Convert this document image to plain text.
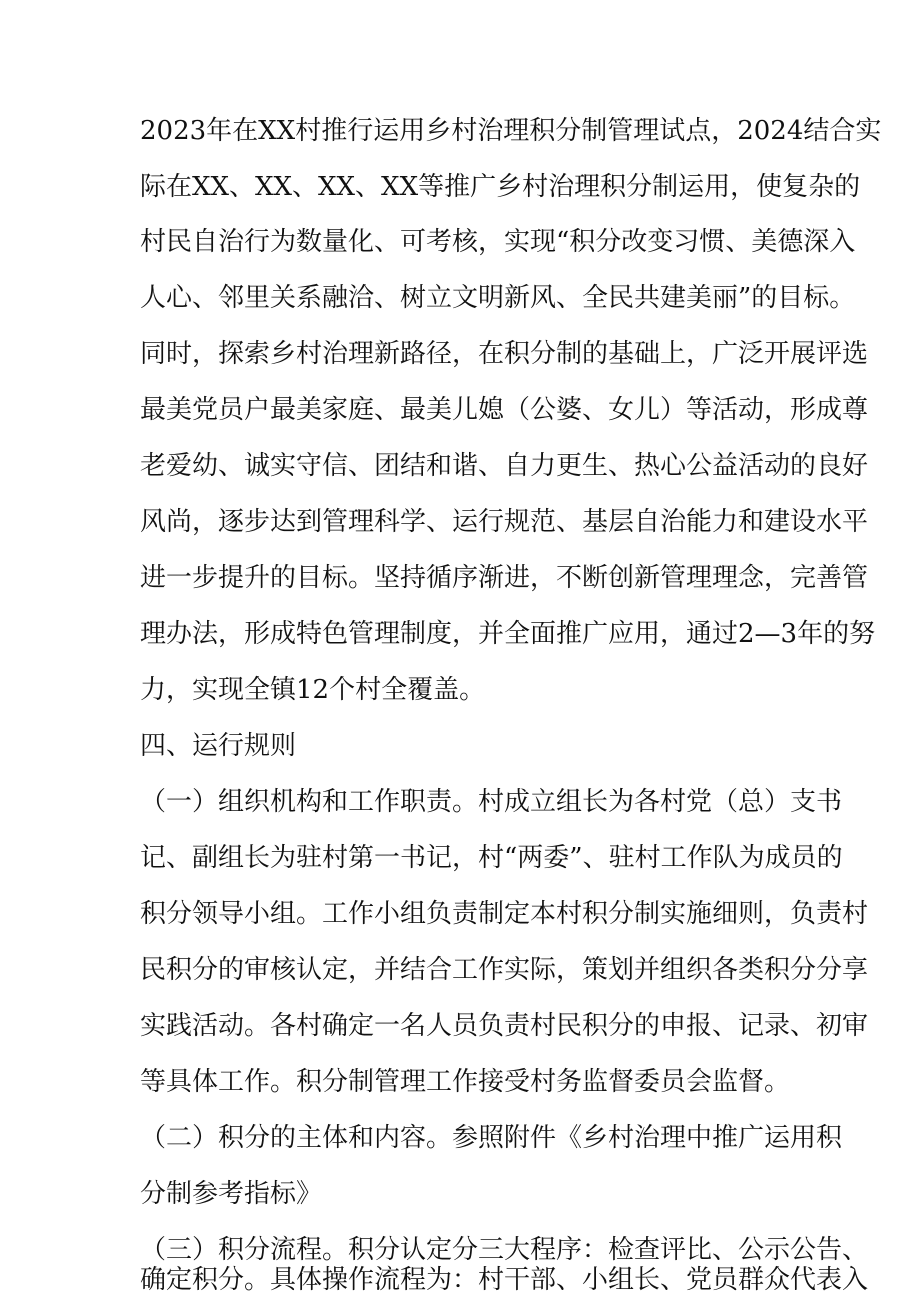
2023年在XX村推行运用乡村治理积分制管理试点，2024结合实

际在XX、XX、XX、XX等推广乡村治理积分制运用，使复杂的

村民自治行为数量化、可考核，实现“积分改变习惯、美德深入

人心、邻里关系融洽、树立文明新风、全民共建美丽”的目标。

同时，探索乡村治理新路径，在积分制的基础上，广泛开展评选

最美党员户最美家庭、最美儿媳（公婆、女儿）等活动，形成尊

老爱幼、诚实守信、团结和谐、自力更生、热心公益活动的良好

风尚，逐步达到管理科学、运行规范、基层自治能力和建设水平

进一步提升的目标。坚持循序渐进，不断创新管理理念，完善管

理办法，形成特色管理制度，并全面推广应用，通过2—3年的努

力，实现全镇12个村全覆盖。

四、运行规则

（一）组织机构和工作职责。村成立组长为各村党（总）支书

记、副组长为驻村第一书记，村“两委”、驻村工作队为成员的

积分领导小组。工作小组负责制定本村积分制实施细则，负责村

民积分的审核认定，并结合工作实际，策划并组织各类积分分享

实践活动。各村确定一名人员负责村民积分的申报、记录、初审

等具体工作。积分制管理工作接受村务监督委员会监督。

（二）积分的主体和内容。参照附件《乡村治理中推广运用积

分制参考指标》

（三）积分流程。积分认定分三大程序：检查评比、公示公告、

确定积分。具体操作流程为：村干部、小组长、党员群众代表入
